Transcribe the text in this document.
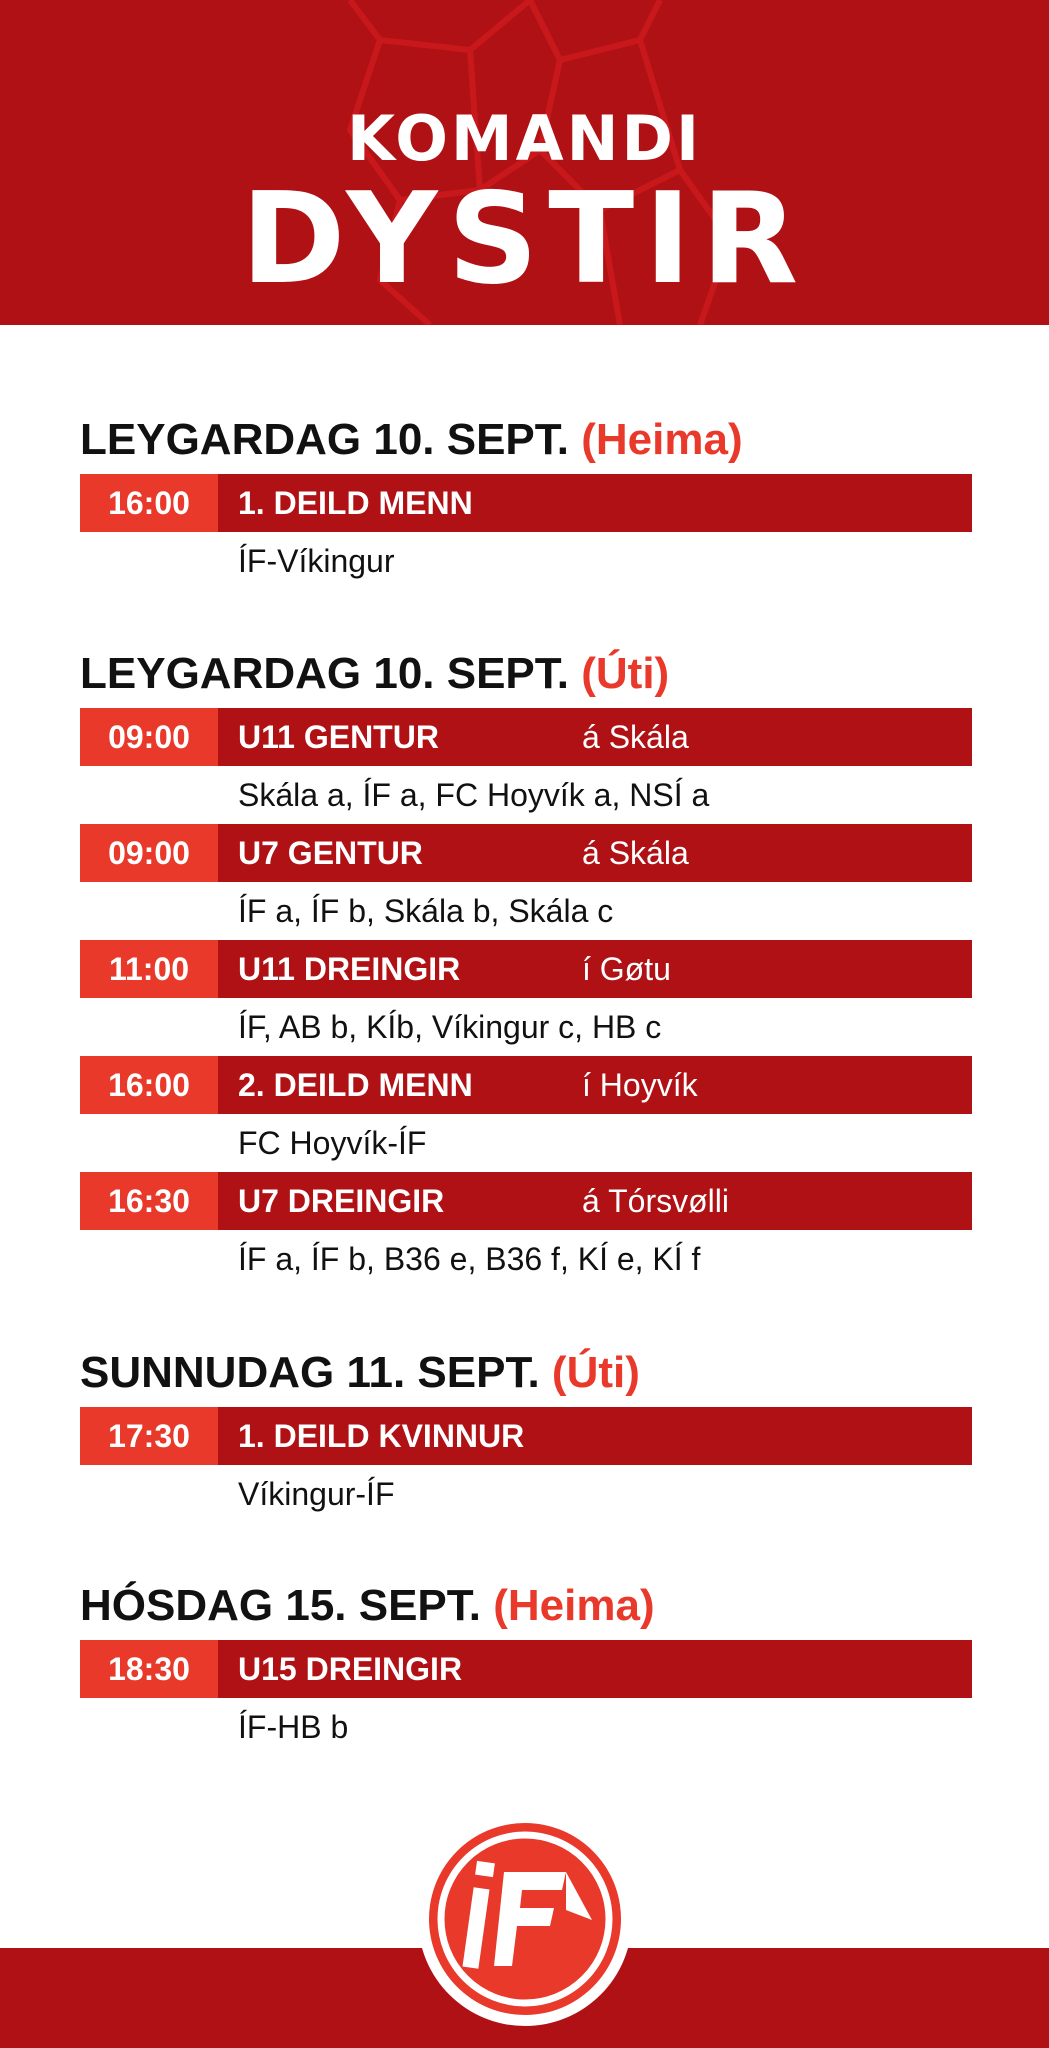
KOMANDI
DYSTIR
LEYGARDAG 10. SEPT. (Heima)
16:00	1. DEILD MENN
ÍF-Víkingur
LEYGARDAG 10. SEPT. (Úti)
09:00	U11 GENTUR	á Skála
Skála a, ÍF a, FC Hoyvík a, NSÍ a
09:00	U7 GENTUR	á Skála
ÍF a, ÍF b, Skála b, Skála c
11:00	U11 DREINGIR	í Gøtu
ÍF, AB b, KÍb, Víkingur c, HB c
16:00	2. DEILD MENN	í Hoyvík
FC Hoyvík-ÍF
16:30	U7 DREINGIR	á Tórsvølli
ÍF a, ÍF b, B36 e, B36 f, KÍ e, KÍ f
SUNNUDAG 11. SEPT. (Úti)
17:30	1. DEILD KVINNUR
Víkingur-ÍF
HÓSDAG 15. SEPT. (Heima)
18:30	U15 DREINGIR
ÍF-HB b
